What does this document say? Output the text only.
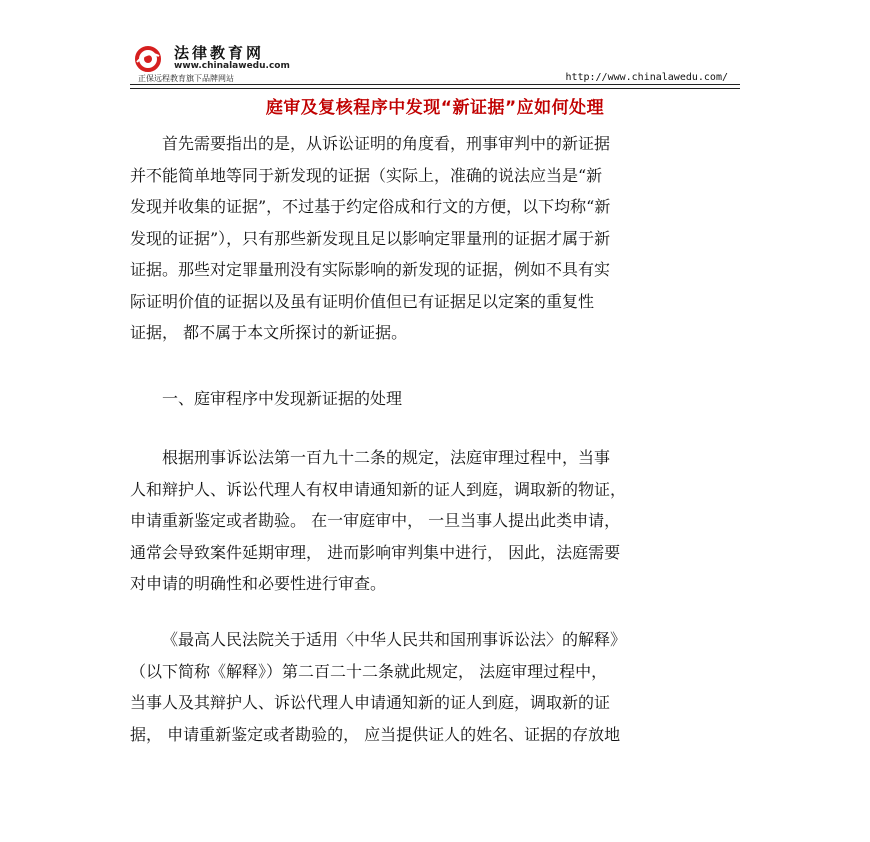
法律教育网
www.chinalawedu.com
正保远程教育旗下品牌网站	http://www.chinalawedu.com/
庭审及复核程序中发现“新证据”应如何处理
首先需要指出的是，从诉讼证明的角度看，刑事审判中的新证据
并不能简单地等同于新发现的证据（实际上，准确的说法应当是“新
发现并收集的证据”，不过基于约定俗成和行文的方便，以下均称“新
发现的证据”），只有那些新发现且足以影响定罪量刑的证据才属于新
证据。那些对定罪量刑没有实际影响的新发现的证据，例如不具有实
际证明价值的证据以及虽有证明价值但已有证据足以定案的重复性
证据， 都不属于本文所探讨的新证据。
一、庭审程序中发现新证据的处理
根据刑事诉讼法第一百九十二条的规定，法庭审理过程中，当事
人和辩护人、诉讼代理人有权申请通知新的证人到庭，调取新的物证，
申请重新鉴定或者勘验。 在一审庭审中， 一旦当事人提出此类申请，
通常会导致案件延期审理， 进而影响审判集中进行， 因此，法庭需要
对申请的明确性和必要性进行审查。
《最高人民法院关于适用〈中华人民共和国刑事诉讼法〉的解释》
（以下简称《解释》）第二百二十二条就此规定， 法庭审理过程中，
当事人及其辩护人、诉讼代理人申请通知新的证人到庭，调取新的证
据， 申请重新鉴定或者勘验的， 应当提供证人的姓名、证据的存放地
